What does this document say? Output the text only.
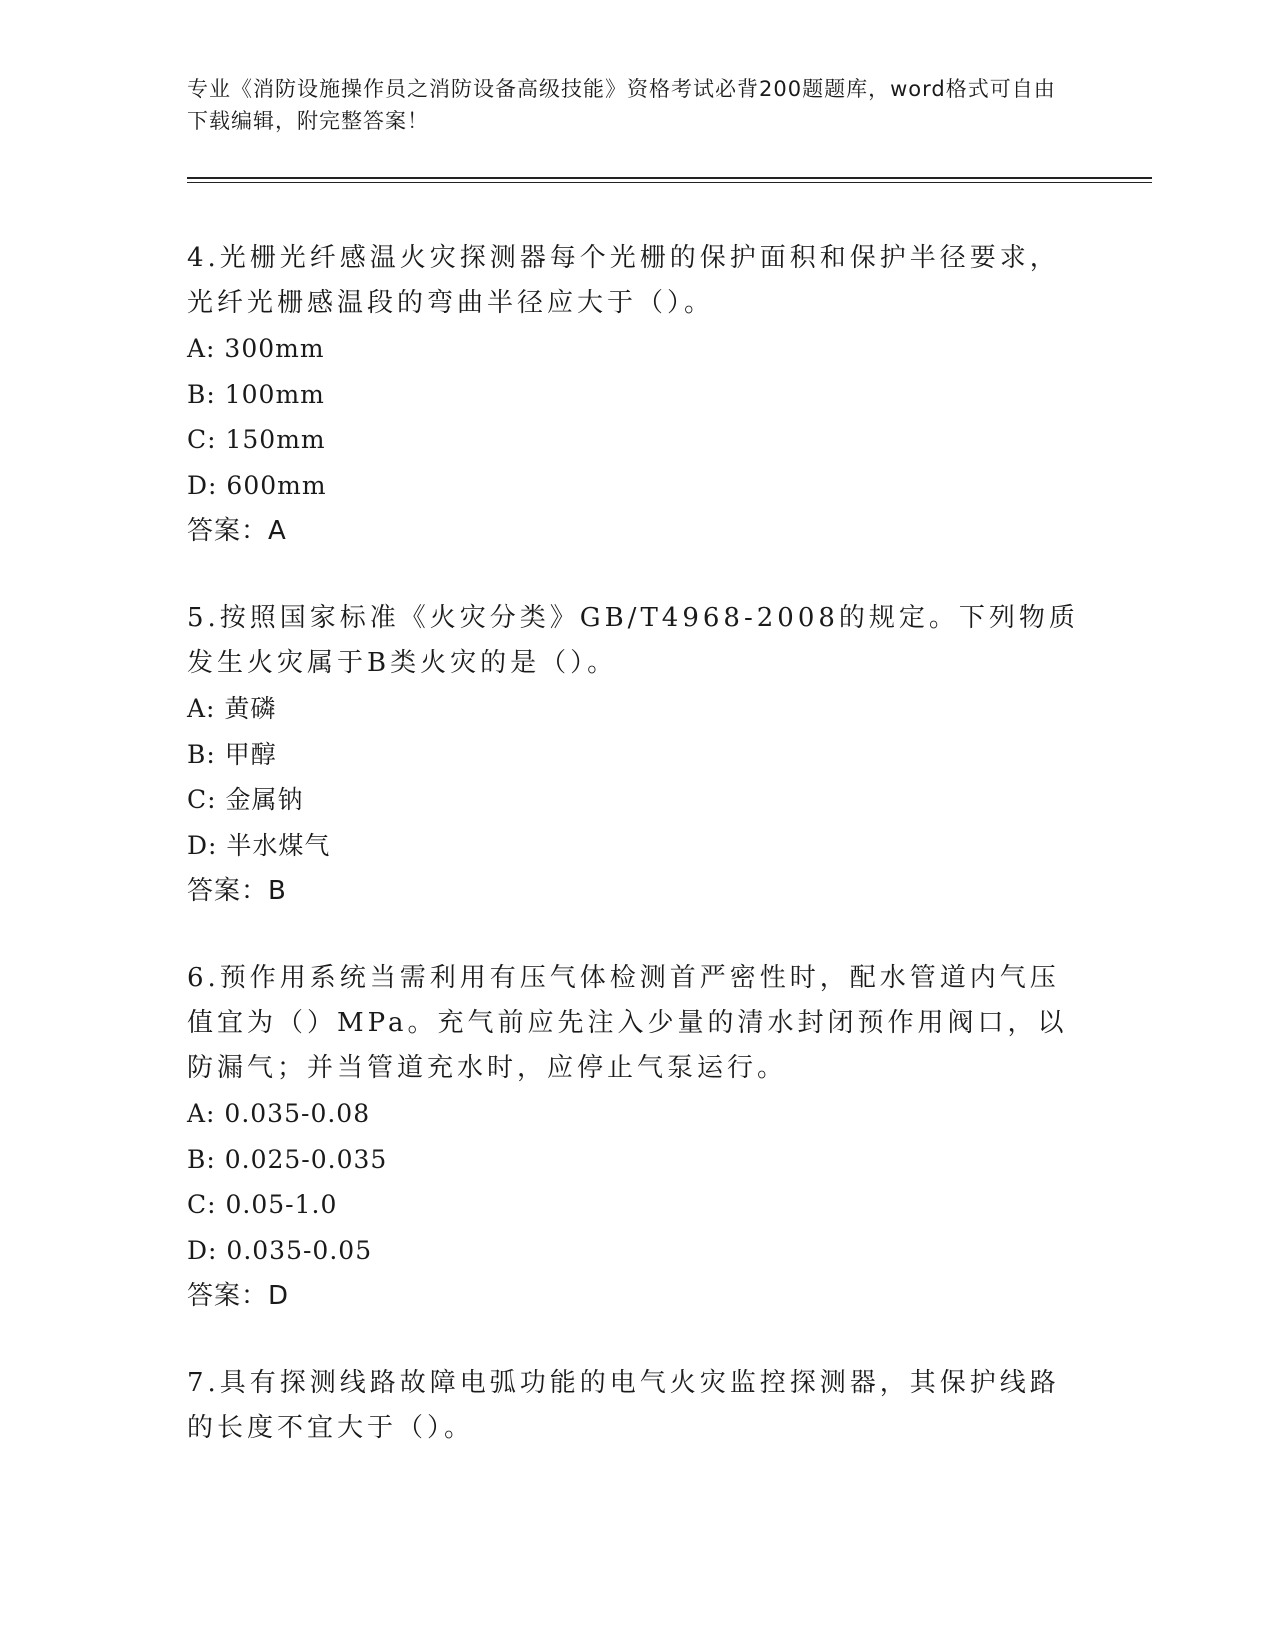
专业《消防设施操作员之消防设备高级技能》资格考试必背200题题库，word格式可自由下载编辑，附完整答案！

4.光栅光纤感温火灾探测器每个光栅的保护面积和保护半径要求，光纤光栅感温段的弯曲半径应大于（）。

A: 300mm
B: 100mm
C: 150mm
D: 600mm
答案：A

5.按照国家标准《火灾分类》GB/T4968-2008的规定。下列物质发生火灾属于B类火灾的是（）。

A: 黄磷
B: 甲醇
C: 金属钠
D: 半水煤气
答案：B

6.预作用系统当需利用有压气体检测首严密性时，配水管道内气压值宜为（）MPa。充气前应先注入少量的清水封闭预作用阀口，以防漏气；并当管道充水时，应停止气泵运行。

A: 0.035-0.08
B: 0.025-0.035
C: 0.05-1.0
D: 0.035-0.05
答案：D

7.具有探测线路故障电弧功能的电气火灾监控探测器，其保护线路的长度不宜大于（）。
